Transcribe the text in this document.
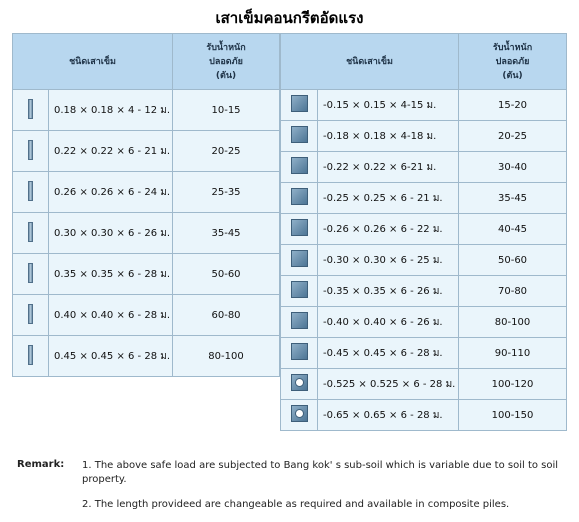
เสาเข็มคอนกรีตอัดแรง
ชนิดเสาเข็ม		รับน้ำหนัก
ปลอดภัย
(ตัน)
	0.18 × 0.18 × 4 - 12 ม.	10-15
	0.22 × 0.22 × 6 - 21 ม.	20-25
	0.26 × 0.26 × 6 - 24 ม.	25-35
	0.30 × 0.30 × 6 - 26 ม.	35-45
	0.35 × 0.35 × 6 - 28 ม.	50-60
	0.40 × 0.40 × 6 - 28 ม.	60-80
	0.45 × 0.45 × 6 - 28 ม.	80-100
ชนิดเสาเข็ม		รับน้ำหนัก
ปลอดภัย
(ตัน)
	-0.15 × 0.15 × 4-15 ม.	15-20
	-0.18 × 0.18 × 4-18 ม.	20-25
	-0.22 × 0.22 × 6-21 ม.	30-40
	-0.25 × 0.25 × 6 - 21 ม.	35-45
	-0.26 × 0.26 × 6 - 22 ม.	40-45
	-0.30 × 0.30 × 6 - 25 ม.	50-60
	-0.35 × 0.35 × 6 - 26 ม.	70-80
	-0.40 × 0.40 × 6 - 26 ม.	80-100
	-0.45 × 0.45 × 6 - 28 ม.	90-110
	-0.525 × 0.525 × 6 - 28 ม.	100-120
	-0.65 × 0.65 × 6 - 28 ม.	100-150
Remark: 1. The above safe load are subjected to Bang kok' s sub-soil which is variable due to soil to soil property.
2. The length provideed are changeable as required and available in composite piles.
